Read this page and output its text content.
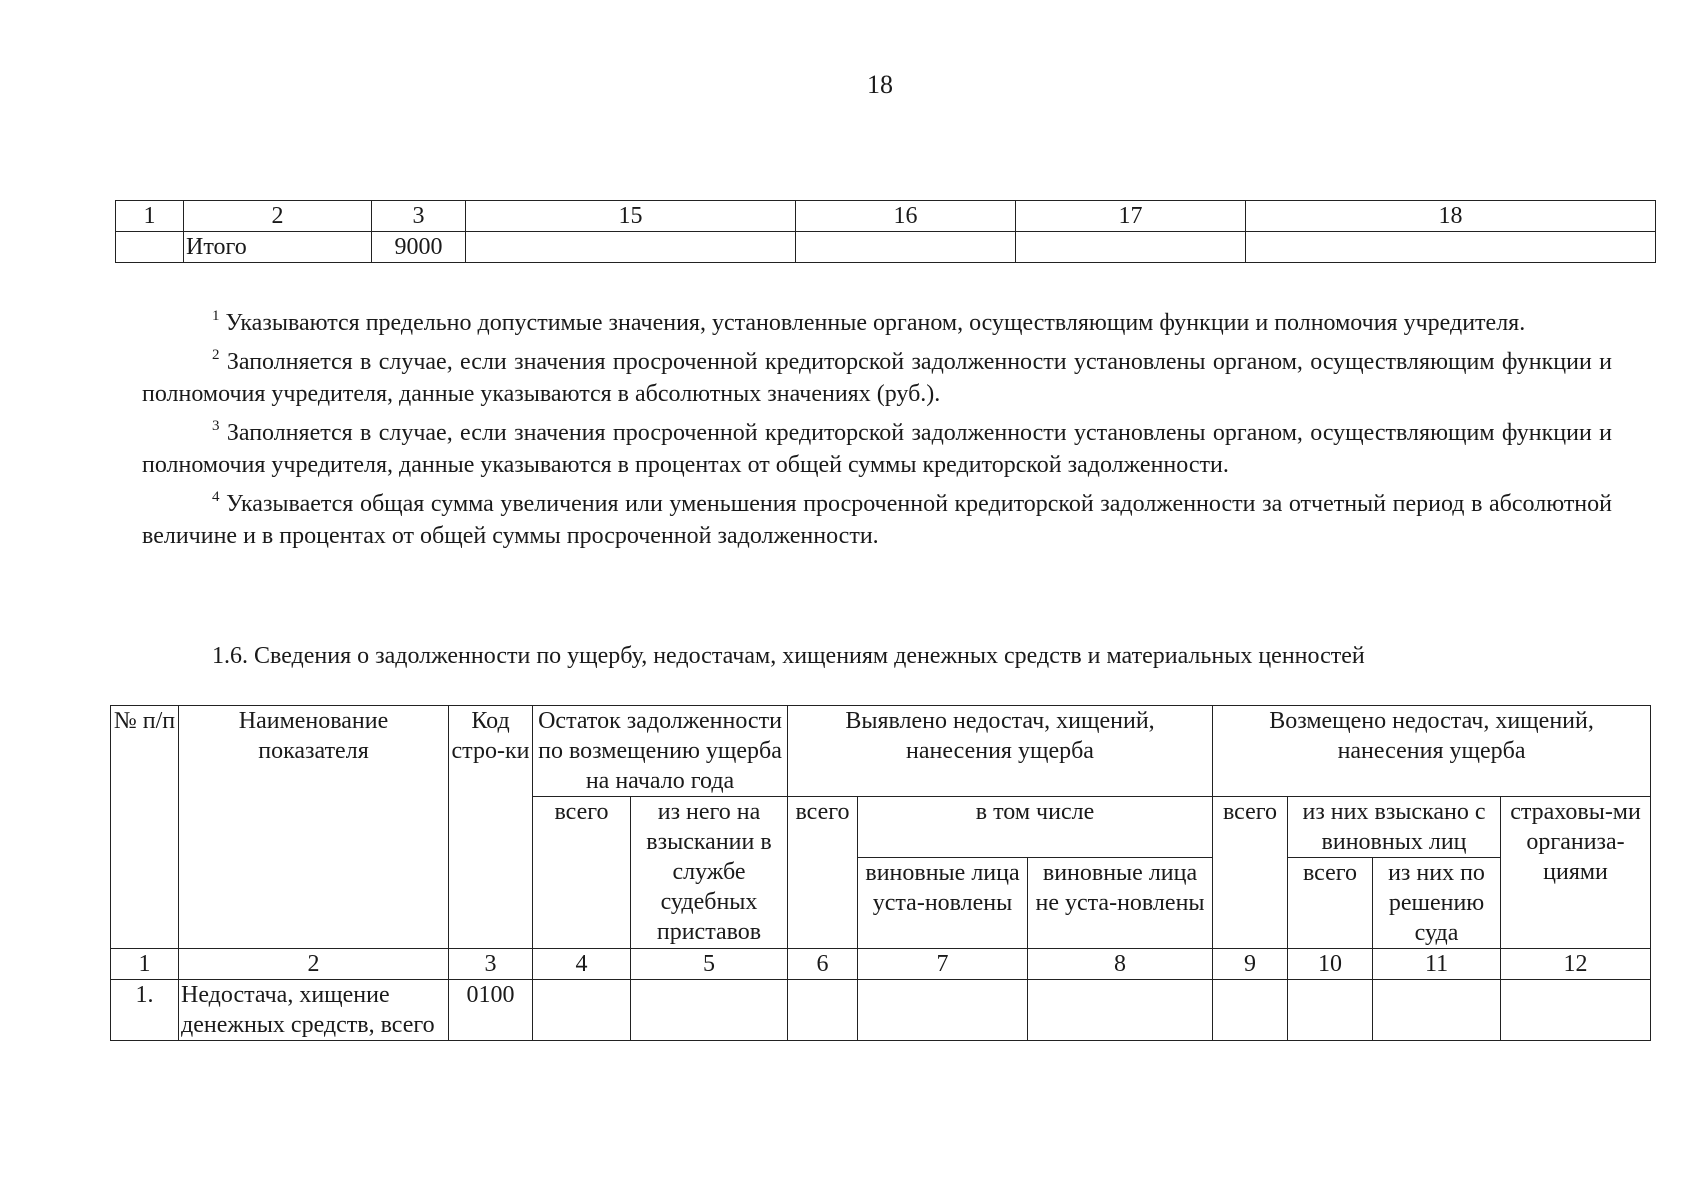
18
1	2	3	15	16	17	18
	Итого	9000				

$^1$ Указываются предельно допустимые значения, установленные органом, осуществляющим функции и полномочия учредителя.

$^2$ Заполняется в случае, если значения просроченной кредиторской задолженности установлены органом, осуществляющим функции и полномочия учредителя, данные указываются в абсолютных значениях (руб.).

$^3$ Заполняется в случае, если значения просроченной кредиторской задолженности установлены органом, осуществляющим функции и полномочия учредителя, данные указываются в процентах от общей суммы кредиторской задолженности.

$^4$ Указывается общая сумма увеличения или уменьшения просроченной кредиторской задолженности за отчетный период в абсолютной величине и в процентах от общей суммы просроченной задолженности.

1.6. Сведения о задолженности по ущербу, недостачам, хищениям денежных средств и материальных ценностей
№ п/п	Наименование показателя	Код стро-ки	Остаток задолженности по возмещению ущерба на начало года		Выявлено недостач, хищений, нанесения ущерба			Возмещено недостач, хищений, нанесения ущерба			
			всего	из него на взыскании в службе судебных приставов	всего	в том числе		всего	из них взыскано с виновных лиц		страховы-ми организа-циями
						виновные лица уста-новлены	виновные лица не уста-новлены		всего	из них по решению суда	

1	2	3	4	5	6	7	8	9	10	11	12
1.	Недостача, хищение денежных средств, всего	0100									
